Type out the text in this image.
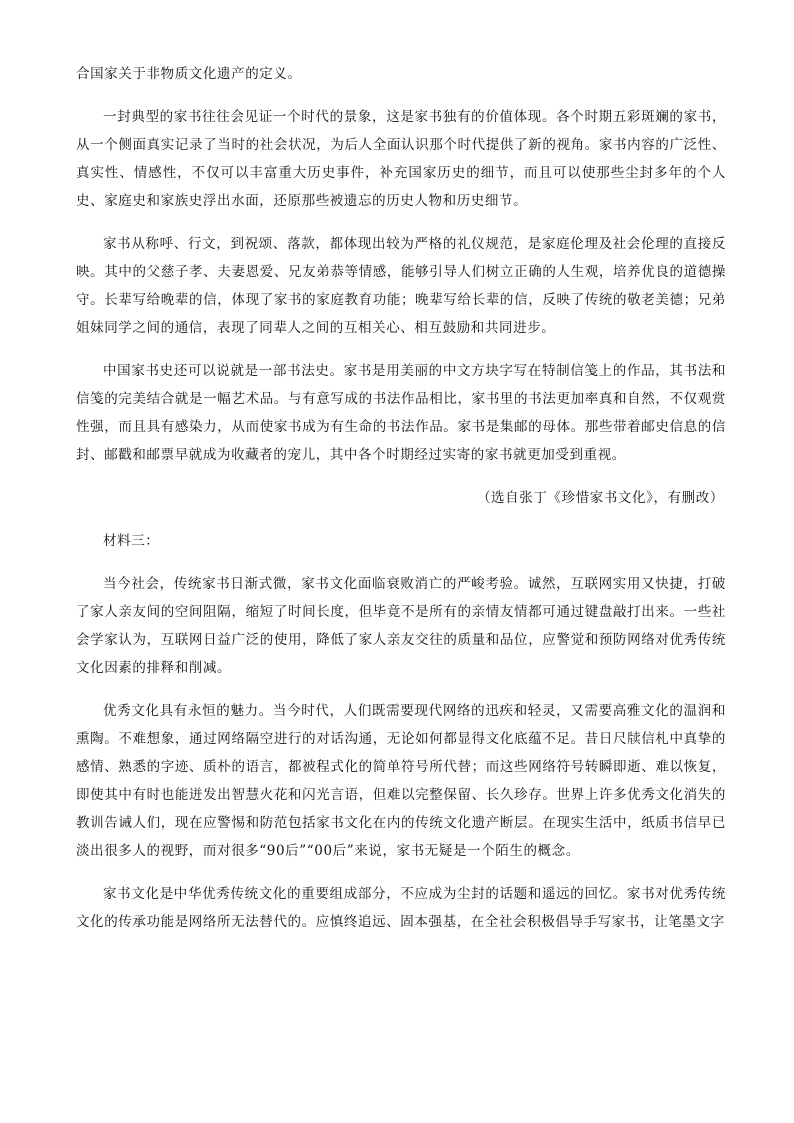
合国家关于非物质文化遗产的定义。

一封典型的家书往往会见证一个时代的景象，这是家书独有的价值体现。各个时期五彩斑斓的家书，从一个侧面真实记录了当时的社会状况，为后人全面认识那个时代提供了新的视角。家书内容的广泛性、真实性、情感性，不仅可以丰富重大历史事件，补充国家历史的细节，而且可以使那些尘封多年的个人史、家庭史和家族史浮出水面，还原那些被遗忘的历史人物和历史细节。

家书从称呼、行文，到祝颂、落款，都体现出较为严格的礼仪规范，是家庭伦理及社会伦理的直接反映。其中的父慈子孝、夫妻恩爱、兄友弟恭等情感，能够引导人们树立正确的人生观，培养优良的道德操守。长辈写给晚辈的信，体现了家书的家庭教育功能；晚辈写给长辈的信，反映了传统的敬老美德；兄弟姐妹同学之间的通信，表现了同辈人之间的互相关心、相互鼓励和共同进步。

中国家书史还可以说就是一部书法史。家书是用美丽的中文方块字写在特制信笺上的作品，其书法和信笺的完美结合就是一幅艺术品。与有意写成的书法作品相比，家书里的书法更加率真和自然，不仅观赏性强，而且具有感染力，从而使家书成为有生命的书法作品。家书是集邮的母体。那些带着邮史信息的信封、邮戳和邮票早就成为收藏者的宠儿，其中各个时期经过实寄的家书就更加受到重视。

（选自张丁《珍惜家书文化》，有删改）

材料三：

当今社会，传统家书日渐式微，家书文化面临衰败消亡的严峻考验。诚然，互联网实用又快捷，打破了家人亲友间的空间阻隔，缩短了时间长度，但毕竟不是所有的亲情友情都可通过键盘敲打出来。一些社会学家认为，互联网日益广泛的使用，降低了家人亲友交往的质量和品位，应警觉和预防网络对优秀传统文化因素的排释和削减。

优秀文化具有永恒的魅力。当今时代，人们既需要现代网络的迅疾和轻灵，又需要高雅文化的温润和熏陶。不难想象，通过网络隔空进行的对话沟通，无论如何都显得文化底蕴不足。昔日尺牍信札中真挚的感情、熟悉的字迹、质朴的语言，都被程式化的简单符号所代替；而这些网络符号转瞬即逝、难以恢复，即使其中有时也能迸发出智慧火花和闪光言语，但难以完整保留、长久珍存。世界上许多优秀文化消失的教训告诫人们，现在应警惕和防范包括家书文化在内的传统文化遗产断层。在现实生活中，纸质书信早已淡出很多人的视野，而对很多“90后”“00后”来说，家书无疑是一个陌生的概念。

家书文化是中华优秀传统文化的重要组成部分，不应成为尘封的话题和遥远的回忆。家书对优秀传统文化的传承功能是网络所无法替代的。应慎终追远、固本强基，在全社会积极倡导手写家书，让笔墨文字
